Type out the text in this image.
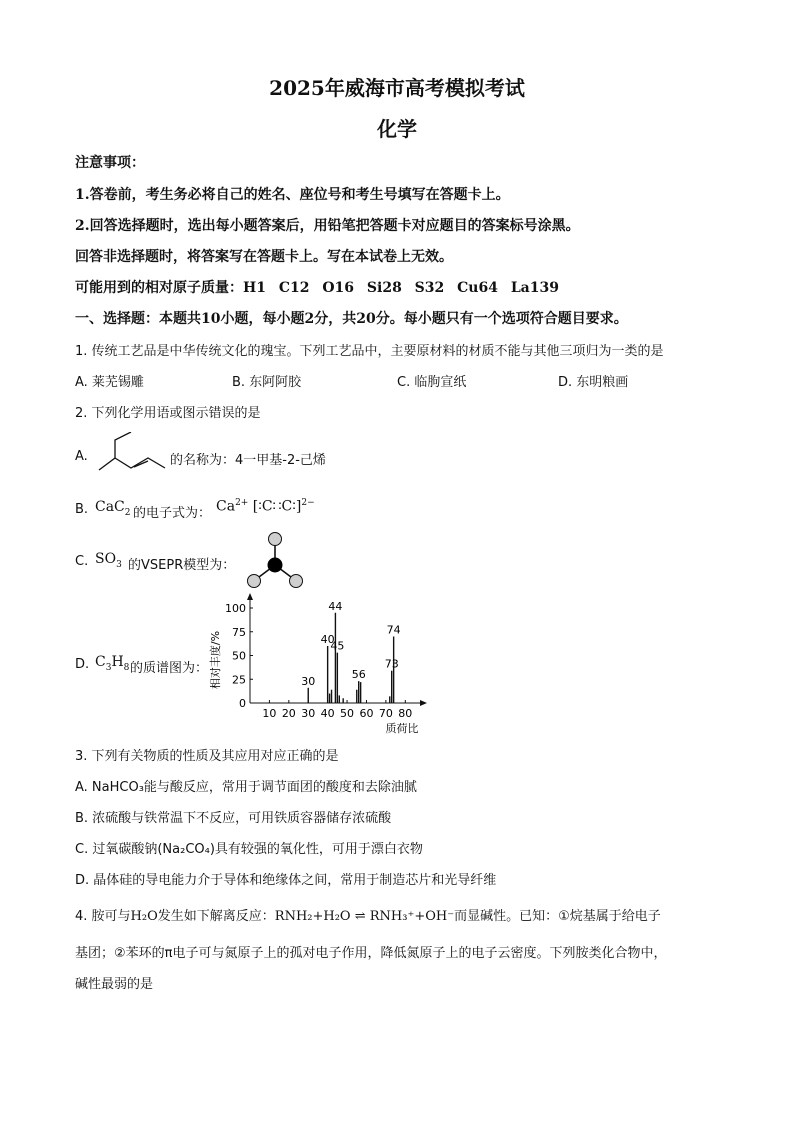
2025年威海市高考模拟考试
化学
注意事项：
1.答卷前，考生务必将自己的姓名、座位号和考生号填写在答题卡上。
2.回答选择题时，选出每小题答案后，用铅笔把答题卡对应题目的答案标号涂黑。
回答非选择题时，将答案写在答题卡上。写在本试卷上无效。
可能用到的相对原子质量：H1 C12 O16 Si28 S32 Cu64 La139
一、选择题：本题共10小题，每小题2分，共20分。每小题只有一个选项符合题目要求。
1. 传统工艺品是中华传统文化的瑰宝。下列工艺品中，主要原材料的材质不能与其他三项归为一类的是
A. 莱芜锡雕	B. 东阿阿胶	C. 临朐宣纸	D. 东明粮画
2. 下列化学用语或图示错误的是
A.	的名称为：4一甲基-2-己烯
B. CaC$_2$ 的电子式为： $Ca^{2+}$ [∶C∷C∶]$^{2-}$
C. $SO_3$ 的VSEPR模型为：
D. $C_3H_8$ 的质谱图为：
0
25
50
75
100
10 20 30 40 50 60 70 80
30
40
44
45
56
73
74
相对丰度/%
质荷比
3. 下列有关物质的性质及其应用对应正确的是
A. NaHCO₃能与酸反应，常用于调节面团的酸度和去除油腻
B. 浓硫酸与铁常温下不反应，可用铁质容器储存浓硫酸
C. 过氧碳酸钠(Na₂CO₄)具有较强的氧化性，可用于漂白衣物
D. 晶体硅的导电能力介于导体和绝缘体之间，常用于制造芯片和光导纤维
4. 胺可与H₂O发生如下解离反应：RNH₂+H₂O ⇌ RNH₃⁺+OH⁻而显碱性。已知：①烷基属于给电子
基团；②苯环的π电子可与氮原子上的孤对电子作用，降低氮原子上的电子云密度。下列胺类化合物中，
碱性最弱的是
